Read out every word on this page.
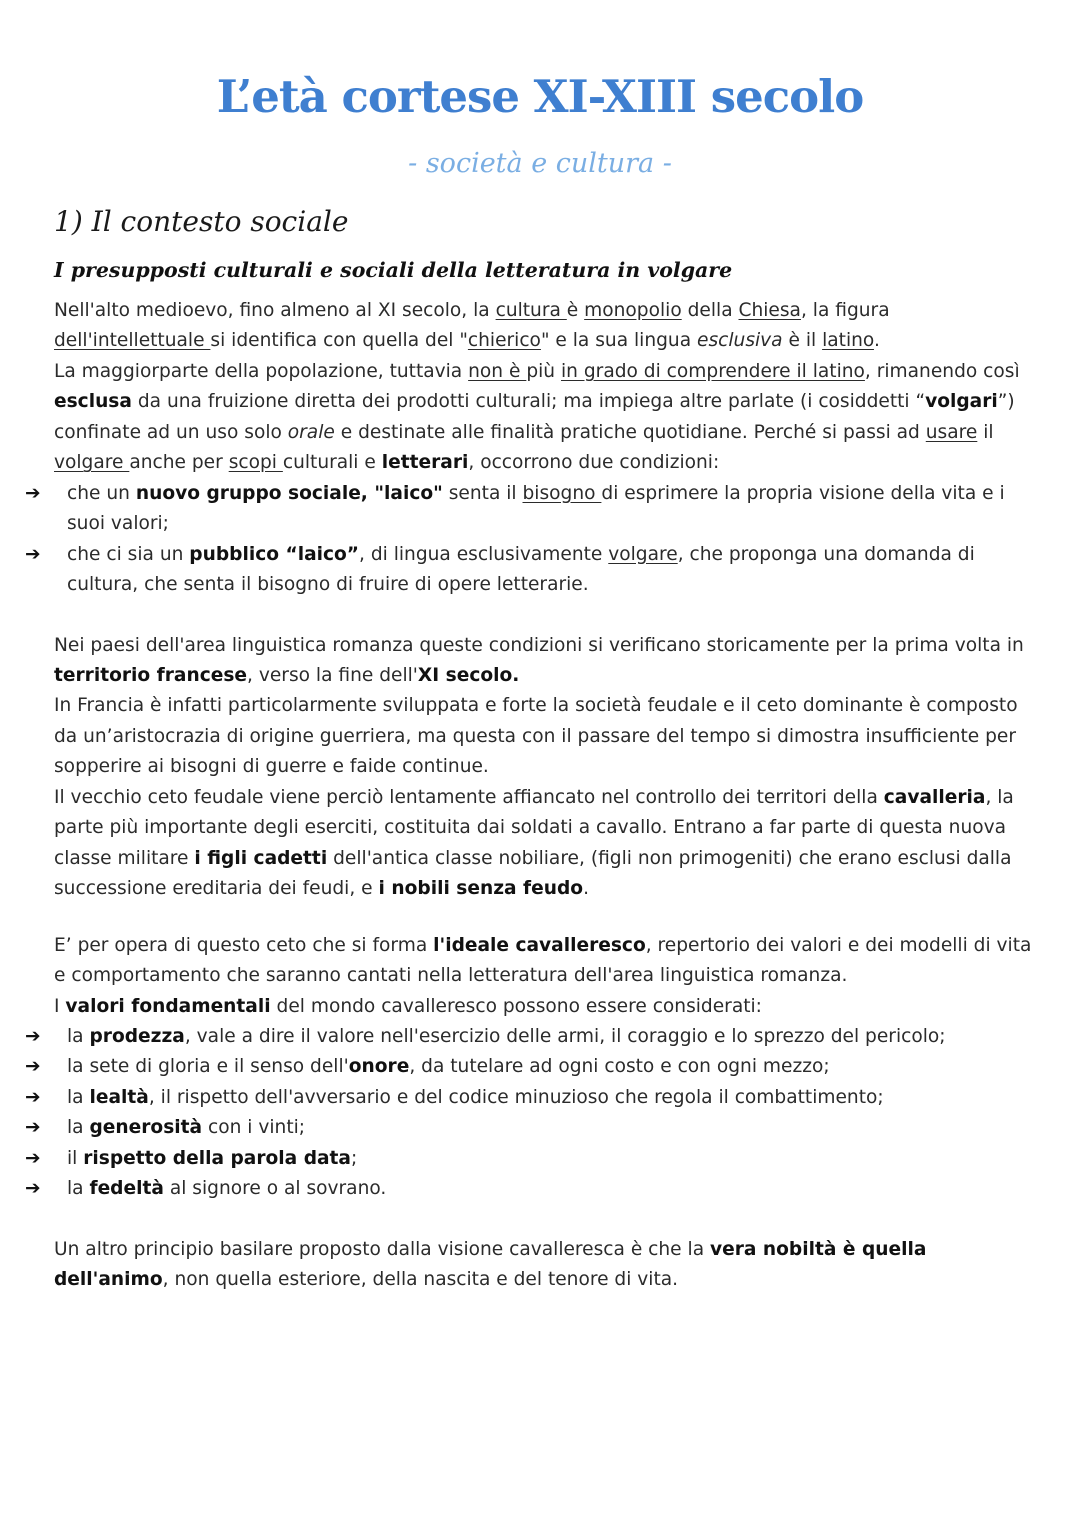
L’età cortese XI-XIII secolo
- società e cultura -
1) Il contesto sociale
I presupposti culturali e sociali della letteratura in volgare

Nell'alto medioevo, fino almeno al XI secolo, la cultura è monopolio della Chiesa, la figura
dell'intellettuale si identifica con quella del "chierico" e la sua lingua esclusiva è il latino.
La maggiorparte della popolazione, tuttavia non è più in grado di comprendere il latino, rimanendo così esclusa da una fruizione diretta dei prodotti culturali; ma impiega altre parlate (i cosiddetti “volgari”) confinate ad un uso solo orale e destinate alle finalità pratiche quotidiane. Perché si passi ad usare il volgare anche per scopi culturali e letterari, occorrono due condizioni:

➔ che un nuovo gruppo sociale, "laico" senta il bisogno di esprimere la propria visione della vita e i suoi valori;
➔ che ci sia un pubblico “laico”, di lingua esclusivamente volgare, che proponga una domanda di cultura, che senta il bisogno di fruire di opere letterarie.

Nei paesi dell'area linguistica romanza queste condizioni si verificano storicamente per la prima volta in territorio francese, verso la fine dell'XI secolo.

In Francia è infatti particolarmente sviluppata e forte la società feudale e il ceto dominante è composto da un’aristocrazia di origine guerriera, ma questa con il passare del tempo si dimostra insufficiente per sopperire ai bisogni di guerre e faide continue.

Il vecchio ceto feudale viene perciò lentamente affiancato nel controllo dei territori della cavalleria, la parte più importante degli eserciti, costituita dai soldati a cavallo. Entrano a far parte di questa nuova classe militare i figli cadetti dell'antica classe nobiliare, (figli non primogeniti) che erano esclusi dalla successione ereditaria dei feudi, e i nobili senza feudo.

E’ per opera di questo ceto che si forma l'ideale cavalleresco, repertorio dei valori e dei modelli di vita e comportamento che saranno cantati nella letteratura dell'area linguistica romanza.

I valori fondamentali del mondo cavalleresco possono essere considerati:

➔ la prodezza, vale a dire il valore nell'esercizio delle armi, il coraggio e lo sprezzo del pericolo;
➔ la sete di gloria e il senso dell'onore, da tutelare ad ogni costo e con ogni mezzo;
➔ la lealtà, il rispetto dell'avversario e del codice minuzioso che regola il combattimento;
➔ la generosità con i vinti;
➔ il rispetto della parola data;
➔ la fedeltà al signore o al sovrano.

Un altro principio basilare proposto dalla visione cavalleresca è che la vera nobiltà è quella dell'animo, non quella esteriore, della nascita e del tenore di vita.
